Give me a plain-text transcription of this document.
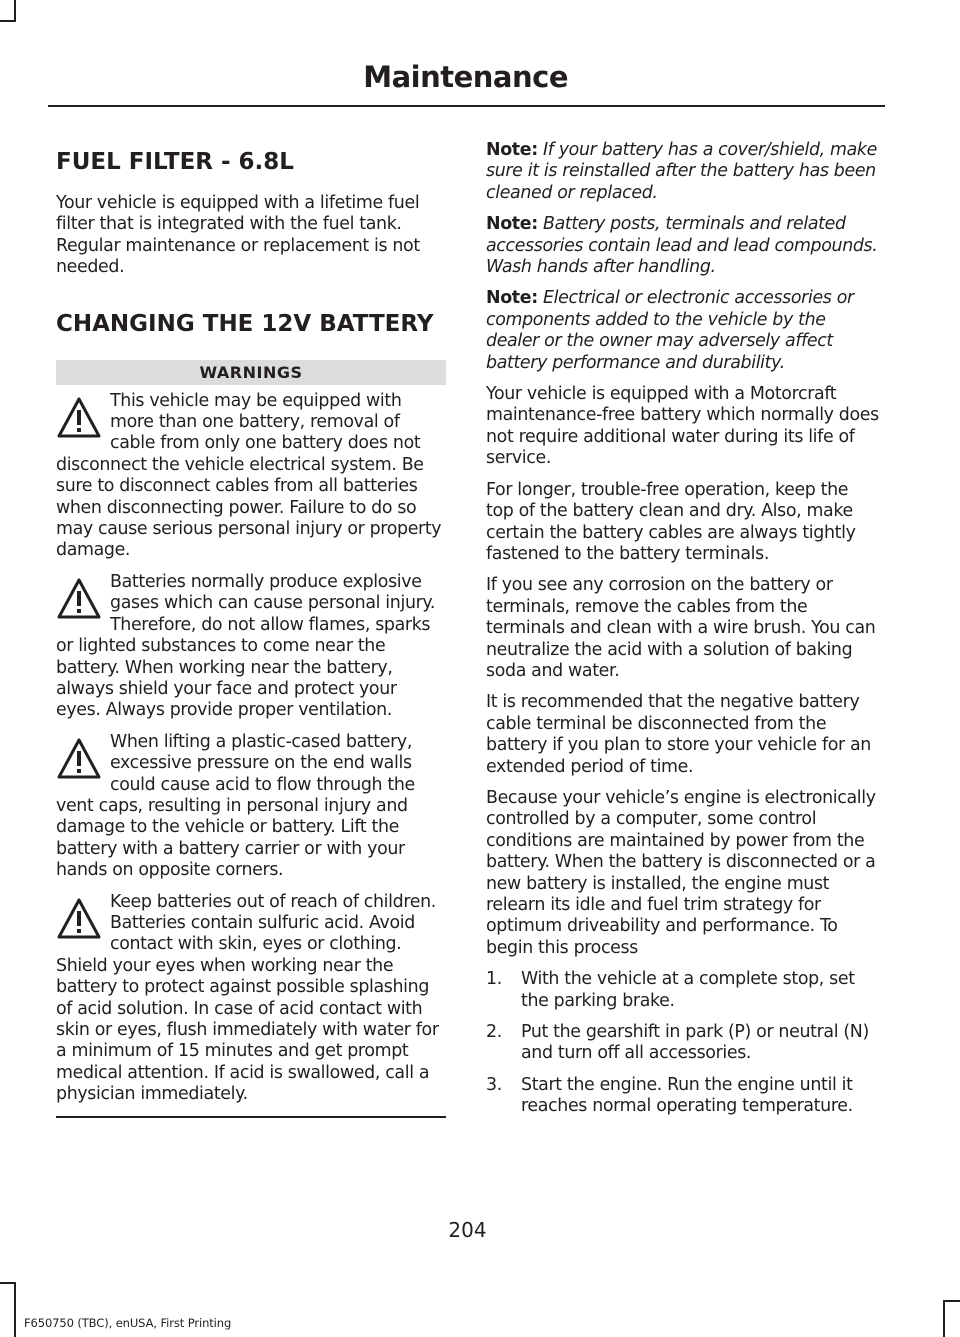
Maintenance
FUEL FILTER - 6.8L

Your vehicle is equipped with a lifetime fuel filter that is integrated with the fuel tank. Regular maintenance or replacement is not needed.

CHANGING THE 12V BATTERY
WARNINGS
This vehicle may be equipped with more than one battery, removal of cable from only one battery does not disconnect the vehicle electrical system. Be sure to disconnect cables from all batteries when disconnecting power. Failure to do so may cause serious personal injury or property damage.
Batteries normally produce explosive gases which can cause personal injury. Therefore, do not allow flames, sparks or lighted substances to come near the battery. When working near the battery, always shield your face and protect your eyes. Always provide proper ventilation.
When lifting a plastic-cased battery, excessive pressure on the end walls could cause acid to flow through the vent caps, resulting in personal injury and damage to the vehicle or battery. Lift the battery with a battery carrier or with your hands on opposite corners.
Keep batteries out of reach of children. Batteries contain sulfuric acid. Avoid contact with skin, eyes or clothing. Shield your eyes when working near the battery to protect against possible splashing of acid solution. In case of acid contact with skin or eyes, flush immediately with water for a minimum of 15 minutes and get prompt medical attention. If acid is swallowed, call a physician immediately.

Note: If your battery has a cover/shield, make sure it is reinstalled after the battery has been cleaned or replaced.

Note: Battery posts, terminals and related accessories contain lead and lead compounds. Wash hands after handling.

Note: Electrical or electronic accessories or components added to the vehicle by the dealer or the owner may adversely affect battery performance and durability.

Your vehicle is equipped with a Motorcraft maintenance-free battery which normally does not require additional water during its life of service.

For longer, trouble-free operation, keep the top of the battery clean and dry. Also, make certain the battery cables are always tightly fastened to the battery terminals.

If you see any corrosion on the battery or terminals, remove the cables from the terminals and clean with a wire brush. You can neutralize the acid with a solution of baking soda and water.

It is recommended that the negative battery cable terminal be disconnected from the battery if you plan to store your vehicle for an extended period of time.

Because your vehicle’s engine is electronically controlled by a computer, some control conditions are maintained by power from the battery. When the battery is disconnected or a new battery is installed, the engine must relearn its idle and fuel trim strategy for optimum driveability and performance. To begin this process

1. With the vehicle at a complete stop, set the parking brake.
2. Put the gearshift in park (P) or neutral (N) and turn off all accessories.
3. Start the engine. Run the engine until it reaches normal operating temperature.
204
F650750 (TBC), enUSA, First Printing
